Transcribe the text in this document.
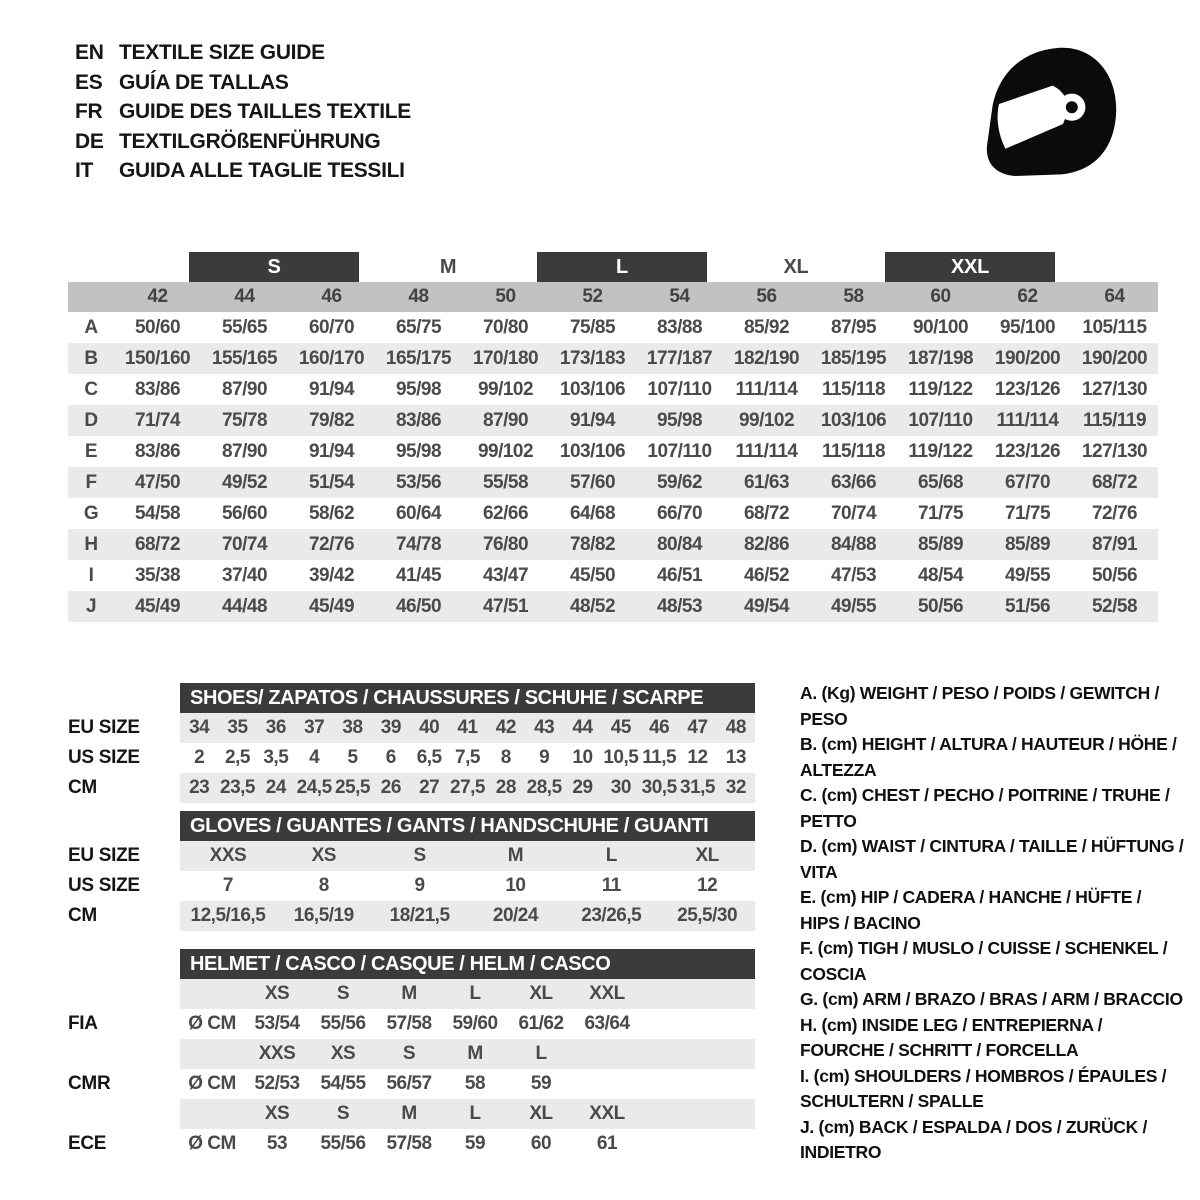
EN TEXTILE SIZE GUIDE
ES GUÍA DE TALLAS
FR GUIDE DES TAILLES TEXTILE
DE TEXTILGRÖßENFÜHRUNG
IT	GUIDA ALLE TAGLIE TESSILI
S	M	L	XL	XXL
42	44	46	48	50	52	54	56	58	60	62	64
A	50/60	55/65	60/70	65/75	70/80	75/85	83/88	85/92	87/95	90/100	95/100	105/115
B	150/160	155/165	160/170	165/175	170/180	173/183	177/187	182/190	185/195	187/198	190/200	190/200
C	83/86	87/90	91/94	95/98	99/102	103/106	107/110	111/114	115/118	119/122	123/126	127/130
D	71/74	75/78	79/82	83/86	87/90	91/94	95/98	99/102	103/106	107/110	111/114	115/119
E	83/86	87/90	91/94	95/98	99/102	103/106	107/110	111/114	115/118	119/122	123/126	127/130
F	47/50	49/52	51/54	53/56	55/58	57/60	59/62	61/63	63/66	65/68	67/70	68/72
G	54/58	56/60	58/62	60/64	62/66	64/68	66/70	68/72	70/74	71/75	71/75	72/76
H	68/72	70/74	72/76	74/78	76/80	78/82	80/84	82/86	84/88	85/89	85/89	87/91
I	35/38	37/40	39/42	41/45	43/47	45/50	46/51	46/52	47/53	48/54	49/55	50/56
J	45/49	44/48	45/49	46/50	47/51	48/52	48/53	49/54	49/55	50/56	51/56	52/58
SHOES/ ZAPATOS / CHAUSSURES / SCHUHE / SCARPE
EU SIZE	34 35 36 37 38 39 40 41 42 43 44 45 46 47 48
US SIZE	2	2,5 3,5	4	5	6	6,5 7,5	8	9	10 10,5 11,5 12 13
CM	23 23,5 24 24,5 25,5 26 27 27,5 28 28,5 29 30 30,5 31,5 32
GLOVES / GUANTES / GANTS / HANDSCHUHE / GUANTI
EU SIZE	XXS	XS	S	M	L	XL
US SIZE	7	8	9	10	11	12
CM	12,5/16,5	16,5/19	18/21,5	20/24	23/26,5	25,5/30
HELMET / CASCO / CASQUE / HELM / CASCO
XS	S	M	L	XL	XXL
FIA	Ø CM 53/54	55/56	57/58	59/60	61/62	63/64
XXS	XS	S	M	L
CMR	Ø CM 52/53	54/55	56/57	58	59
XS	S	M	L	XL	XXL
ECE	Ø CM	53	55/56	57/58	59	60	61
A. (Kg) WEIGHT / PESO / POIDS / GEWITCH / PESO
B. (cm) HEIGHT / ALTURA / HAUTEUR / HÖHE / ALTEZZA
C. (cm) CHEST / PECHO / POITRINE / TRUHE / PETTO
D. (cm) WAIST / CINTURA / TAILLE / HÜFTUNG / VITA
E. (cm) HIP / CADERA / HANCHE / HÜFTE / HIPS / BACINO
F. (cm) TIGH / MUSLO / CUISSE / SCHENKEL / COSCIA
G. (cm) ARM / BRAZO / BRAS / ARM / BRACCIO
H. (cm) INSIDE LEG / ENTREPIERNA / FOURCHE / SCHRITT / FORCELLA
I. (cm) SHOULDERS / HOMBROS / ÉPAULES / SCHULTERN / SPALLE
J. (cm) BACK / ESPALDA / DOS / ZURÜCK / INDIETRO
